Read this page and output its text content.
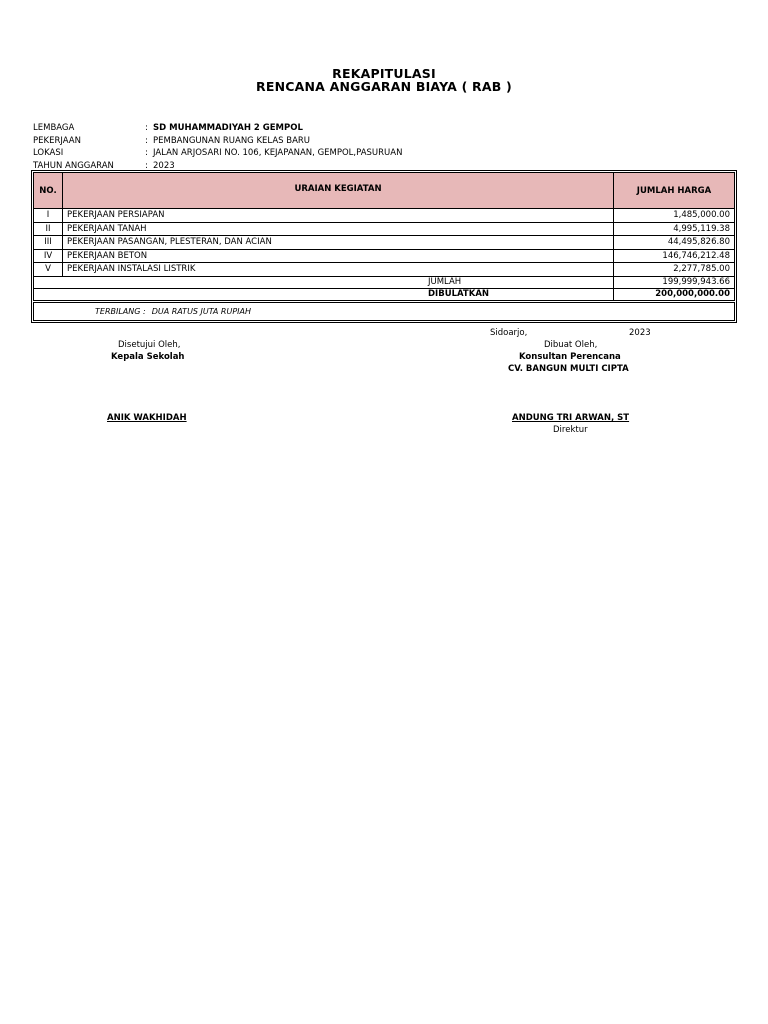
REKAPITULASI
RENCANA ANGGARAN BIAYA ( RAB )
LEMBAGA	: SD MUHAMMADIYAH 2 GEMPOL
PEKERJAAN	: PEMBANGUNAN RUANG KELAS BARU
LOKASI	: JALAN ARJOSARI NO. 106, KEJAPANAN, GEMPOL,PASURUAN
TAHUN ANGGARAN	: 2023
NO.	URAIAN KEGIATAN	JUMLAH HARGA
I	PEKERJAAN PERSIAPAN	1,485,000.00
II	PEKERJAAN TANAH	4,995,119.38
III	PEKERJAAN PASANGAN, PLESTERAN, DAN ACIAN	44,495,826.80
IV	PEKERJAAN BETON	146,746,212.48
V	PEKERJAAN INSTALASI LISTRIK	2,277,785.00
JUMLAH	199,999,943.66
DIBULATKAN	200,000,000.00
TERBILANG : DUA RATUS JUTA RUPIAH
Sidoarjo,	2023
Disetujui Oleh,
Kepala Sekolah
ANIK WAKHIDAH
Dibuat Oleh,
Konsultan Perencana
CV. BANGUN MULTI CIPTA
ANDUNG TRI ARWAN, ST
Direktur
